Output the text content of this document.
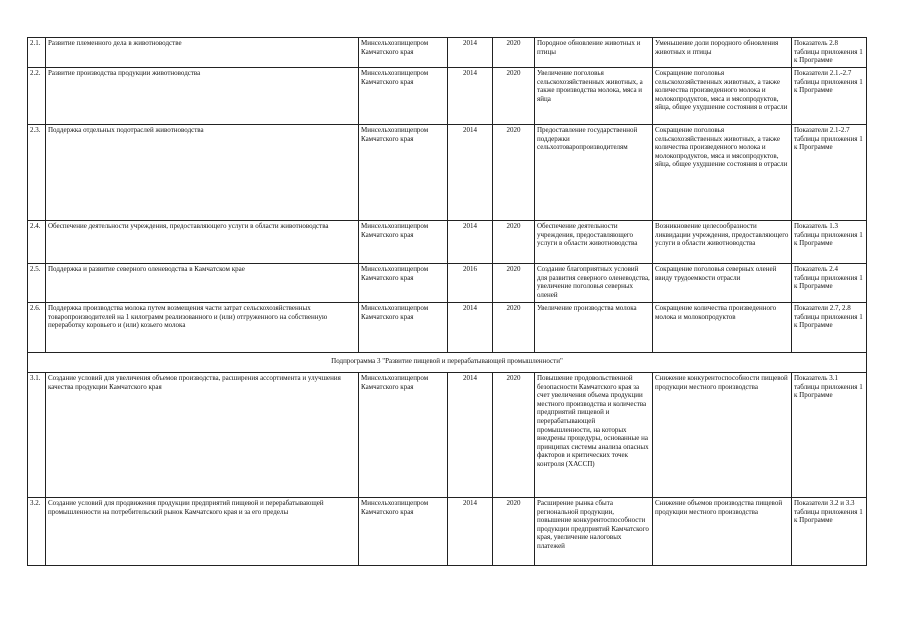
2.1.	Развитие племенного дела в животноводстве	Минсельхозпищепром Камчатского края	2014	2020	Породное обновление животных и птицы	Уменьшение доли породного обновления животных и птицы	Показатель 2.8 таблицы приложения 1 к Программе
2.2.	Развитие производства продукции животноводства	Минсельхозпищепром Камчатского края	2014	2020	Увеличение поголовья сельскохозяйственных животных, а также производства молока, мяса и яйца	Сокращение поголовья сельскохозяйственных животных, а также количества произведенного молока и молокопродуктов, мяса и мясопродуктов, яйца, общее ухудшение состояния в отрасли	Показатели 2.1.-2.7 таблицы приложения 1 к Программе
2.3.	Поддержка отдельных подотраслей животноводства	Минсельхозпищепром Камчатского края	2014	2020	Предоставление государственной поддержки сельхозтоваропроизводителям	Сокращение поголовья сельскохозяйственных животных, а также количества произведенного молока и молокопродуктов, мяса и мясопродуктов, яйца, общее ухудшение состояния в отрасли	Показатели 2.1-2.7 таблицы приложения 1 к Программе
2.4.	Обеспечение деятельности учреждения, предоставляющего услуги в области животноводства	Минсельхозпищепром Камчатского края	2014	2020	Обеспечение деятельности учреждения, предоставляющего услуги в области животноводства	Возникновение целесообразности ликвидации учреждения, предоставляющего услуги в области животноводства	Показатель 1.3 таблицы приложения 1 к Программе
2.5.	Поддержка и развитие северного оленеводства в Камчатском крае	Минсельхозпищепром Камчатского края	2016	2020	Создание благоприятных условий для развития северного оленеводства, увеличение поголовья северных оленей	Сокращение поголовья северных оленей ввиду трудоемкости отрасли	Показатель 2.4 таблицы приложения 1 к Программе
2.6.	Поддержка производства молока путем возмещения части затрат сельскохозяйственных товаропроизводителей на 1 килограмм реализованного и (или) отгруженного на собственную переработку коровьего и (или) козьего молока	Минсельхозпищепром Камчатского края	2014	2020	Увеличение производства молока	Сокращение количества произведенного молока и молокопродуктов	Показатели 2.7, 2.8 таблицы приложения 1 к Программе
Подпрограмма 3 "Развитие пищевой и перерабатывающей промышленности"							
3.1.	Создание условий для увеличения объемов производства, расширения ассортимента и улучшения качества продукции Камчатского края	Минсельхозпищепром Камчатского края	2014	2020	Повышение продовольственной безопасности Камчатского края за счет увеличения объема продукции местного производства и количества предприятий пищевой и перерабатывающей промышленности, на которых внедрены процедуры, основанные на принципах системы анализа опасных факторов и критических точек контроля (ХАССП)	Снижение конкурентоспособности пищевой продукции местного производства	Показатель 3.1 таблицы приложения 1 к Программе
3.2.	Создание условий для продвижения продукции предприятий пищевой и перерабатывающей промышленности на потребительский рынок Камчатского края и за его пределы	Минсельхозпищепром Камчатского края	2014	2020	Расширение рынка сбыта региональной продукции, повышение конкурентоспособности продукции предприятий Камчатского края, увеличение налоговых платежей	Снижение объемов производства пищевой продукции местного производства	Показатели 3.2 и 3.3 таблицы приложения 1 к Программе
